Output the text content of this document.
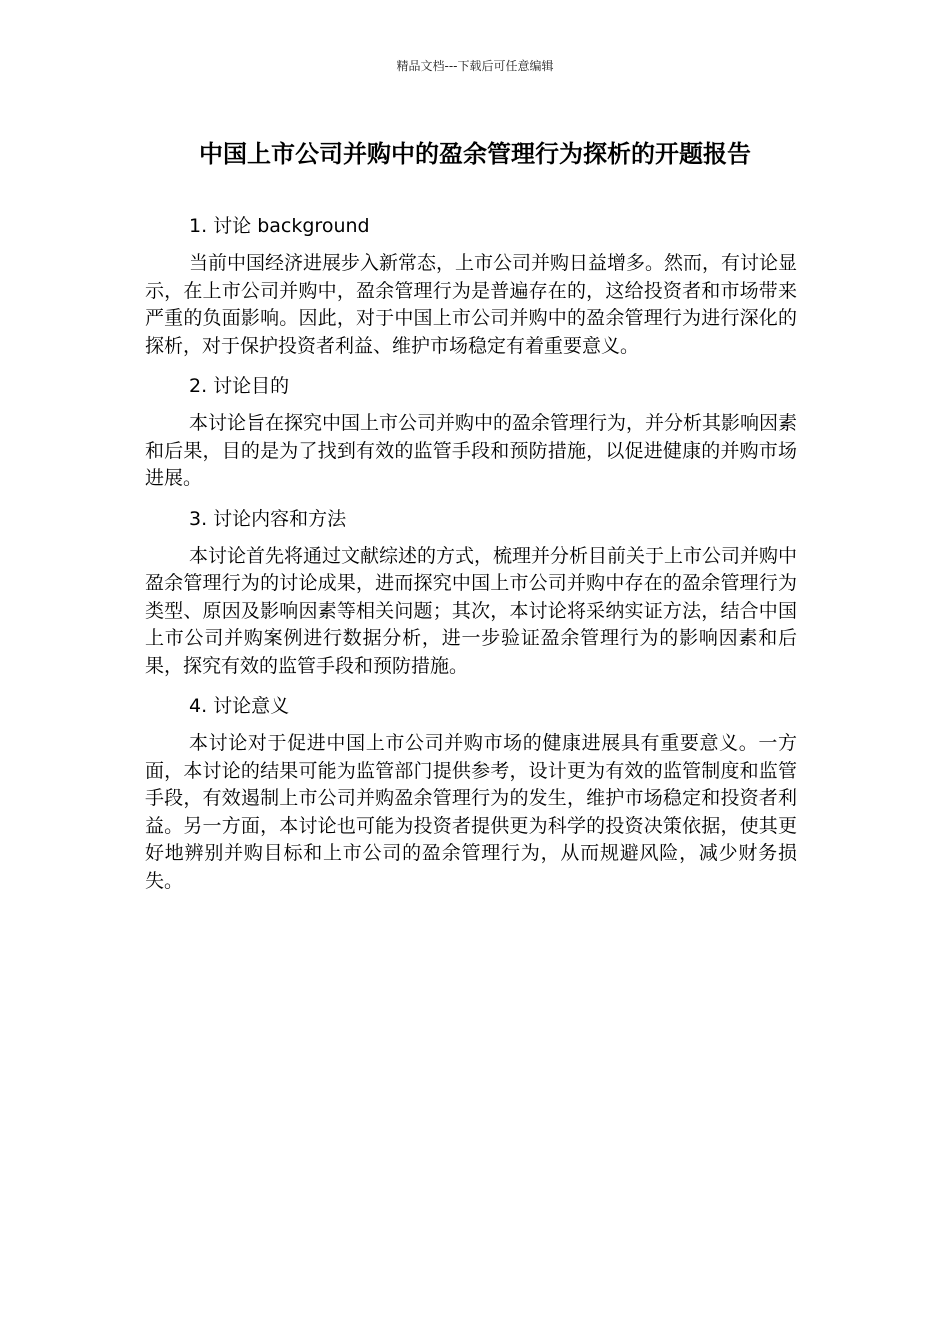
精品文档---下载后可任意编辑
中国上市公司并购中的盈余管理行为探析的开题报告

1. 讨论 background

当前中国经济进展步入新常态，上市公司并购日益增多。然而，有讨论显示，在上市公司并购中，盈余管理行为是普遍存在的，这给投资者和市场带来严重的负面影响。因此，对于中国上市公司并购中的盈余管理行为进行深化的探析，对于保护投资者利益、维护市场稳定有着重要意义。

2. 讨论目的

本讨论旨在探究中国上市公司并购中的盈余管理行为，并分析其影响因素和后果，目的是为了找到有效的监管手段和预防措施，以促进健康的并购市场进展。

3. 讨论内容和方法

本讨论首先将通过文献综述的方式，梳理并分析目前关于上市公司并购中盈余管理行为的讨论成果，进而探究中国上市公司并购中存在的盈余管理行为类型、原因及影响因素等相关问题；其次，本讨论将采纳实证方法，结合中国上市公司并购案例进行数据分析，进一步验证盈余管理行为的影响因素和后果，探究有效的监管手段和预防措施。

4. 讨论意义

本讨论对于促进中国上市公司并购市场的健康进展具有重要意义。一方面，本讨论的结果可能为监管部门提供参考，设计更为有效的监管制度和监管手段，有效遏制上市公司并购盈余管理行为的发生，维护市场稳定和投资者利益。另一方面，本讨论也可能为投资者提供更为科学的投资决策依据，使其更好地辨别并购目标和上市公司的盈余管理行为，从而规避风险，减少财务损失。
